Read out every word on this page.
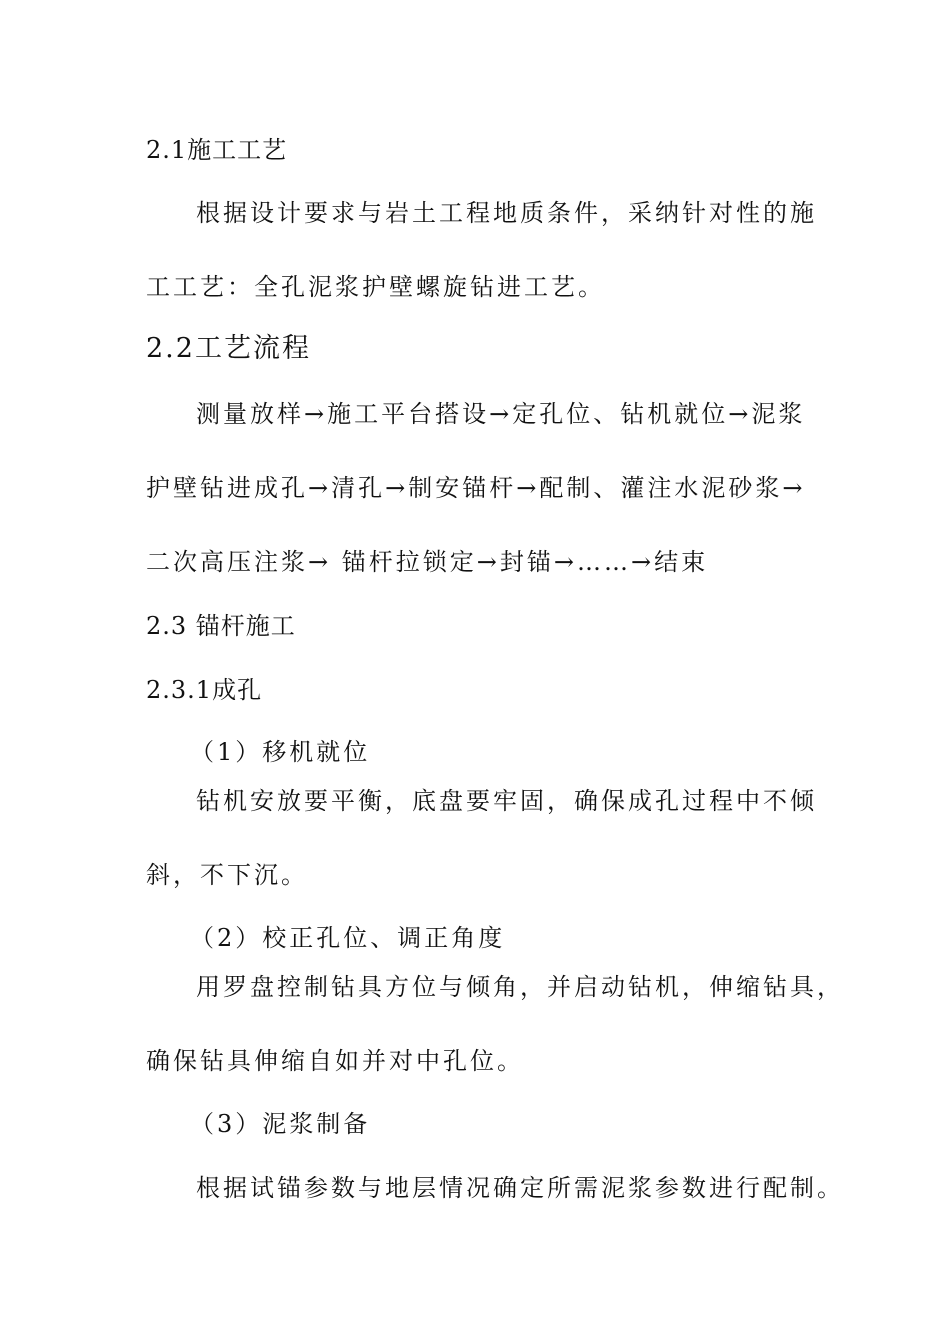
2.1施工工艺
根据设计要求与岩土工程地质条件，采纳针对性的施
工工艺：全孔泥浆护壁螺旋钻进工艺。
2.2工艺流程
测量放样→施工平台搭设→定孔位、钻机就位→泥浆
护壁钻进成孔→清孔→制安锚杆→配制、灌注水泥砂浆→
二次高压注浆→ 锚杆拉锁定→封锚→……→结束
2.3 锚杆施工
2.3.1成孔
（1）移机就位
钻机安放要平衡，底盘要牢固，确保成孔过程中不倾
斜，不下沉。
（2）校正孔位、调正角度
用罗盘控制钻具方位与倾角，并启动钻机，伸缩钻具，
确保钻具伸缩自如并对中孔位。
（3）泥浆制备
根据试锚参数与地层情况确定所需泥浆参数进行配制。
